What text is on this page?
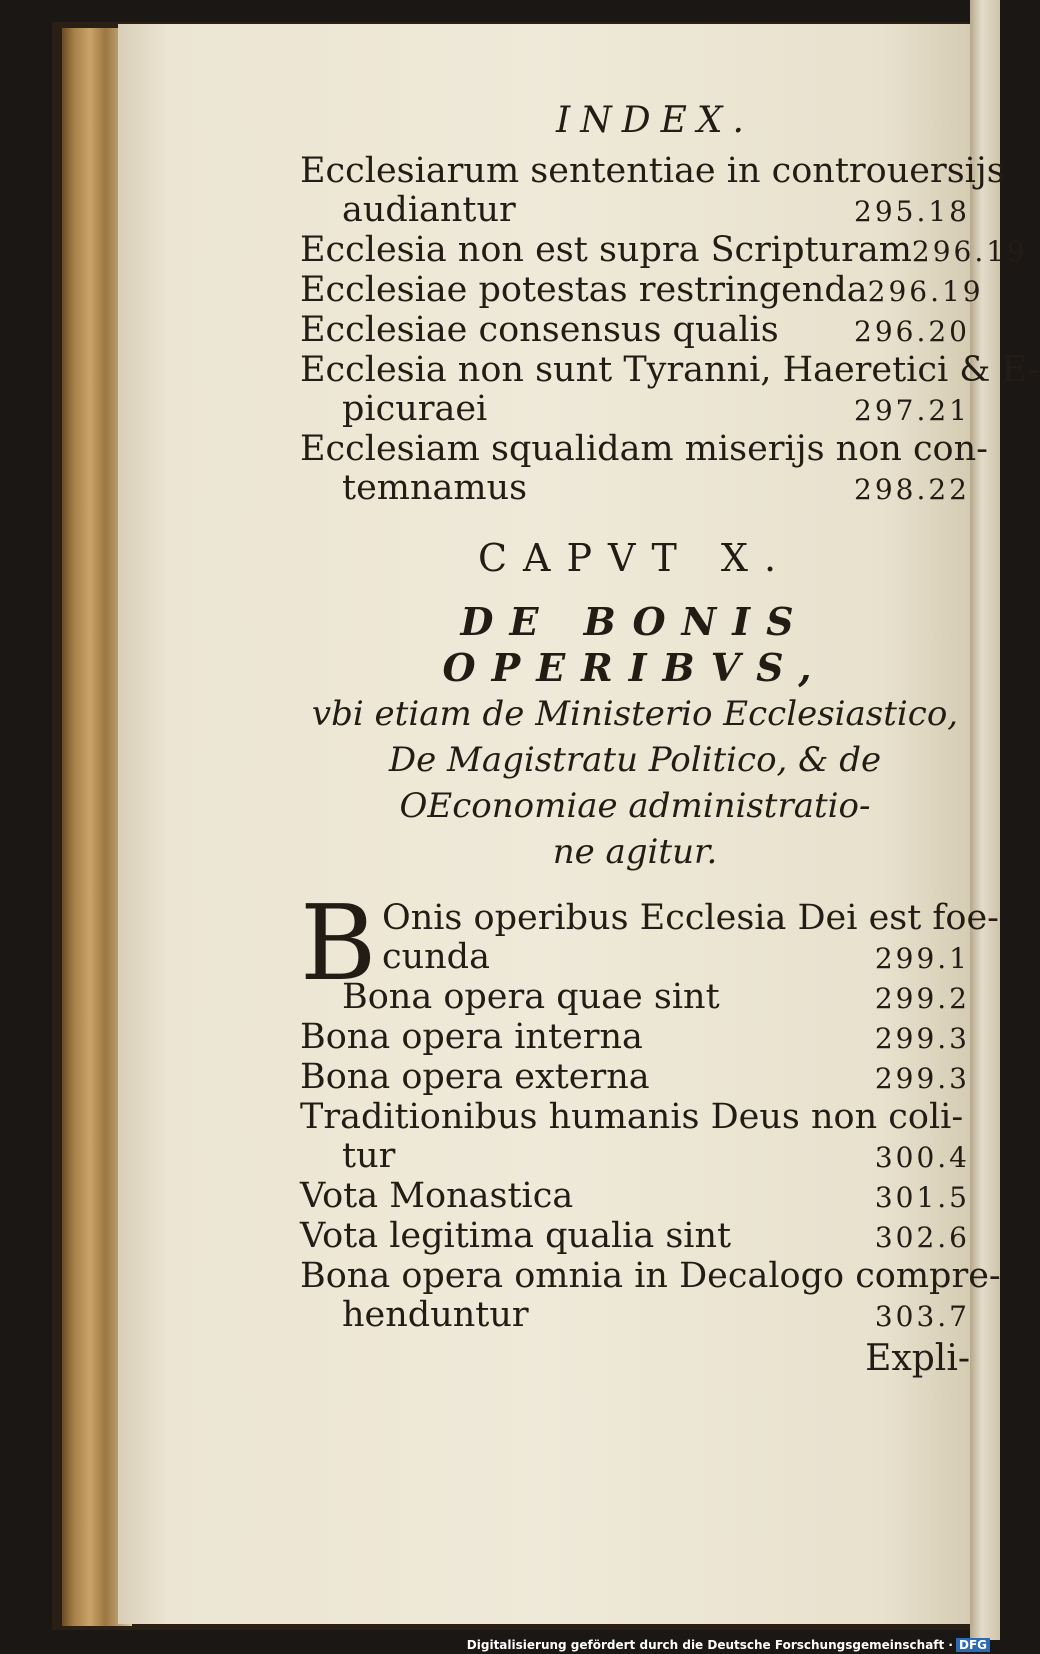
INDEX.
Ecclesiarum sententiae in controuersijs
audiantur	295.18
Ecclesia non est supra Scripturam 296.19
Ecclesiae potestas restringenda 296.19
Ecclesiae consensus qualis	296.20
Ecclesia non sunt Tyranni, Haeretici & E-
picuraei	297.21
Ecclesiam squalidam miserijs non con-
temnamus	298.22
CAPVT X.
DE BONIS OPERIBVS,
vbi etiam de Ministerio Ecclesiastico,
De Magistratu Politico, & de
OEconomiae administratio-
ne agitur.
B Onis operibus Ecclesia Dei est foe-
cunda	299.1
Bona opera quae sint	299.2
Bona opera interna	299.3
Bona opera externa	299.3
Traditionibus humanis Deus non coli-
tur	300.4
Vota Monastica	301.5
Vota legitima qualia sint	302.6
Bona opera omnia in Decalogo compre-
henduntur	303.7
Expli-
Digitalisierung gefördert durch die Deutsche Forschungsgemeinschaft · DFG
